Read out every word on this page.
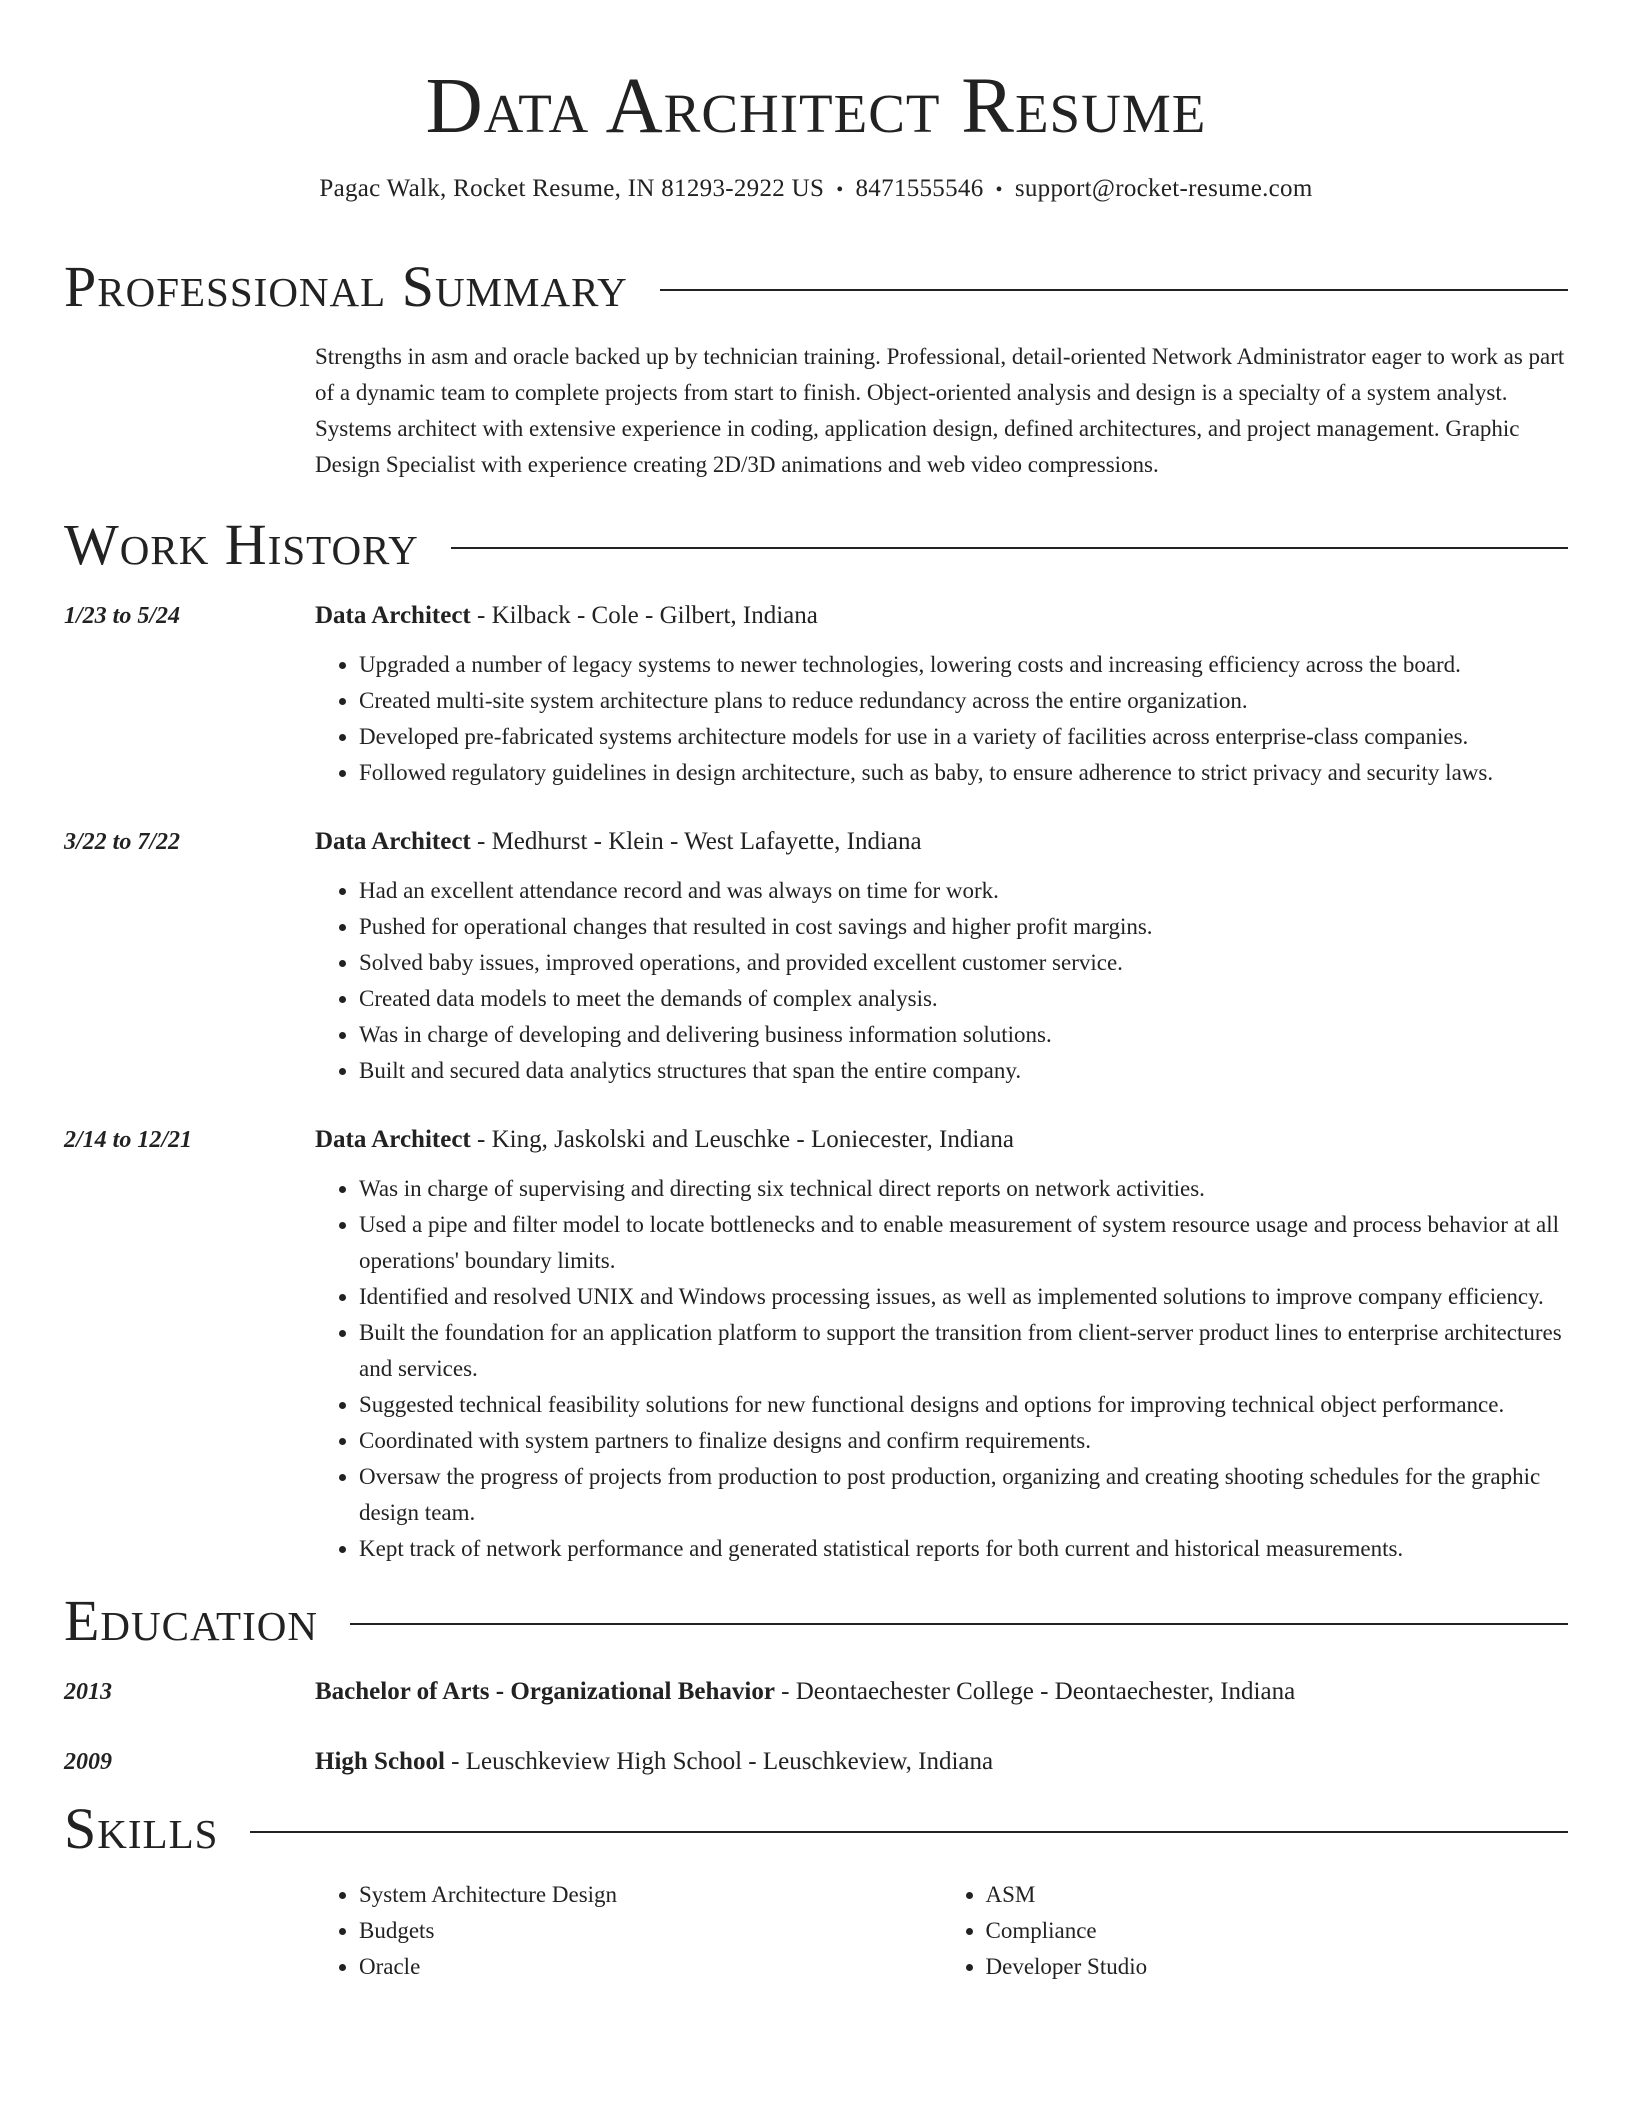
Data Architect Resume
Pagac Walk, Rocket Resume, IN 81293-2922 US • 8471555546 • support@rocket-resume.com
Professional Summary

Strengths in asm and oracle backed up by technician training. Professional, detail-oriented Network Administrator eager to work as part of a dynamic team to complete projects from start to finish. Object-oriented analysis and design is a specialty of a system analyst. Systems architect with extensive experience in coding, application design, defined architectures, and project management. Graphic Design Specialist with experience creating 2D/3D animations and web video compressions.

Work History
1/23 to 5/24	Data Architect - Kilback - Cole - Gilbert, Indiana
• Upgraded a number of legacy systems to newer technologies, lowering costs and increasing efficiency across the board.
• Created multi-site system architecture plans to reduce redundancy across the entire organization.
• Developed pre-fabricated systems architecture models for use in a variety of facilities across enterprise-class companies.
• Followed regulatory guidelines in design architecture, such as baby, to ensure adherence to strict privacy and security laws.
3/22 to 7/22	Data Architect - Medhurst - Klein - West Lafayette, Indiana
• Had an excellent attendance record and was always on time for work.
• Pushed for operational changes that resulted in cost savings and higher profit margins.
• Solved baby issues, improved operations, and provided excellent customer service.
• Created data models to meet the demands of complex analysis.
• Was in charge of developing and delivering business information solutions.
• Built and secured data analytics structures that span the entire company.
2/14 to 12/21	Data Architect - King, Jaskolski and Leuschke - Loniecester, Indiana
• Was in charge of supervising and directing six technical direct reports on network activities.
• Used a pipe and filter model to locate bottlenecks and to enable measurement of system resource usage and process behavior at all operations' boundary limits.
• Identified and resolved UNIX and Windows processing issues, as well as implemented solutions to improve company efficiency.
• Built the foundation for an application platform to support the transition from client-server product lines to enterprise architectures and services.
• Suggested technical feasibility solutions for new functional designs and options for improving technical object performance.
• Coordinated with system partners to finalize designs and confirm requirements.
• Oversaw the progress of projects from production to post production, organizing and creating shooting schedules for the graphic design team.
• Kept track of network performance and generated statistical reports for both current and historical measurements.
Education
2013	Bachelor of Arts - Organizational Behavior - Deontaechester College - Deontaechester, Indiana
2009	High School - Leuschkeview High School - Leuschkeview, Indiana
Skills
• System Architecture Design
• Budgets
• Oracle
• ASM
• Compliance
• Developer Studio
